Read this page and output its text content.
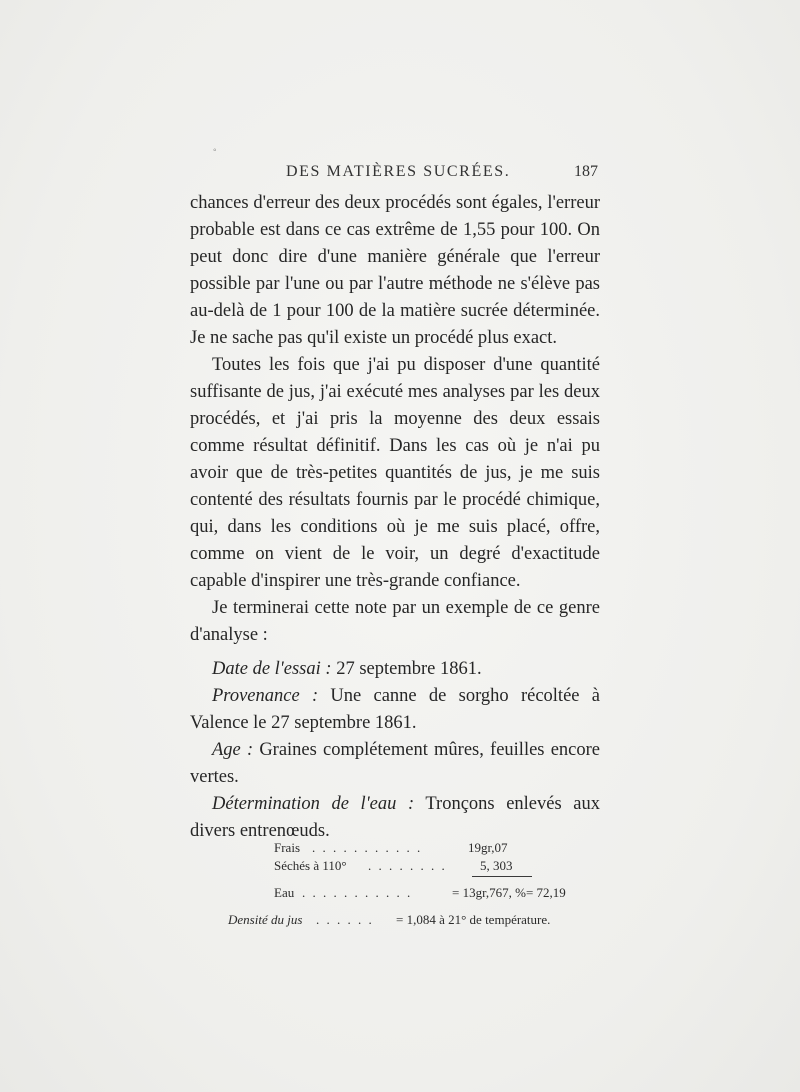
◦
DES MATIÈRES SUCRÉES.	187

chances d'erreur des deux procédés sont égales, l'erreur probable est dans ce cas extrême de 1,55 pour 100. On peut donc dire d'une manière générale que l'erreur possible par l'une ou par l'autre méthode ne s'élève pas au-delà de 1 pour 100 de la matière sucrée déterminée. Je ne sache pas qu'il existe un procédé plus exact.

Toutes les fois que j'ai pu disposer d'une quantité suffisante de jus, j'ai exécuté mes analyses par les deux procédés, et j'ai pris la moyenne des deux essais comme résultat définitif. Dans les cas où je n'ai pu avoir que de très-petites quantités de jus, je me suis contenté des résultats fournis par le procédé chimique, qui, dans les conditions où je me suis placé, offre, comme on vient de le voir, un degré d'exactitude capable d'inspirer une très-grande confiance.

Je terminerai cette note par un exemple de ce genre d'analyse :

Date de l'essai : 27 septembre 1861.

Provenance : Une canne de sorgho récoltée à Valence le 27 septembre 1861.

Age : Graines complétement mûres, feuilles encore vertes.

Détermination de l'eau : Tronçons enlevés aux divers entrenœuds.

Frais . . . . . . . . . . .	19gr,07
Séchés à 110° . . . . . . . .	5, 303
Eau . . . . . . . . . . .	= 13gr,767, %= 72,19
Densité du jus . . . . . . = 1,084 à 21° de température.
